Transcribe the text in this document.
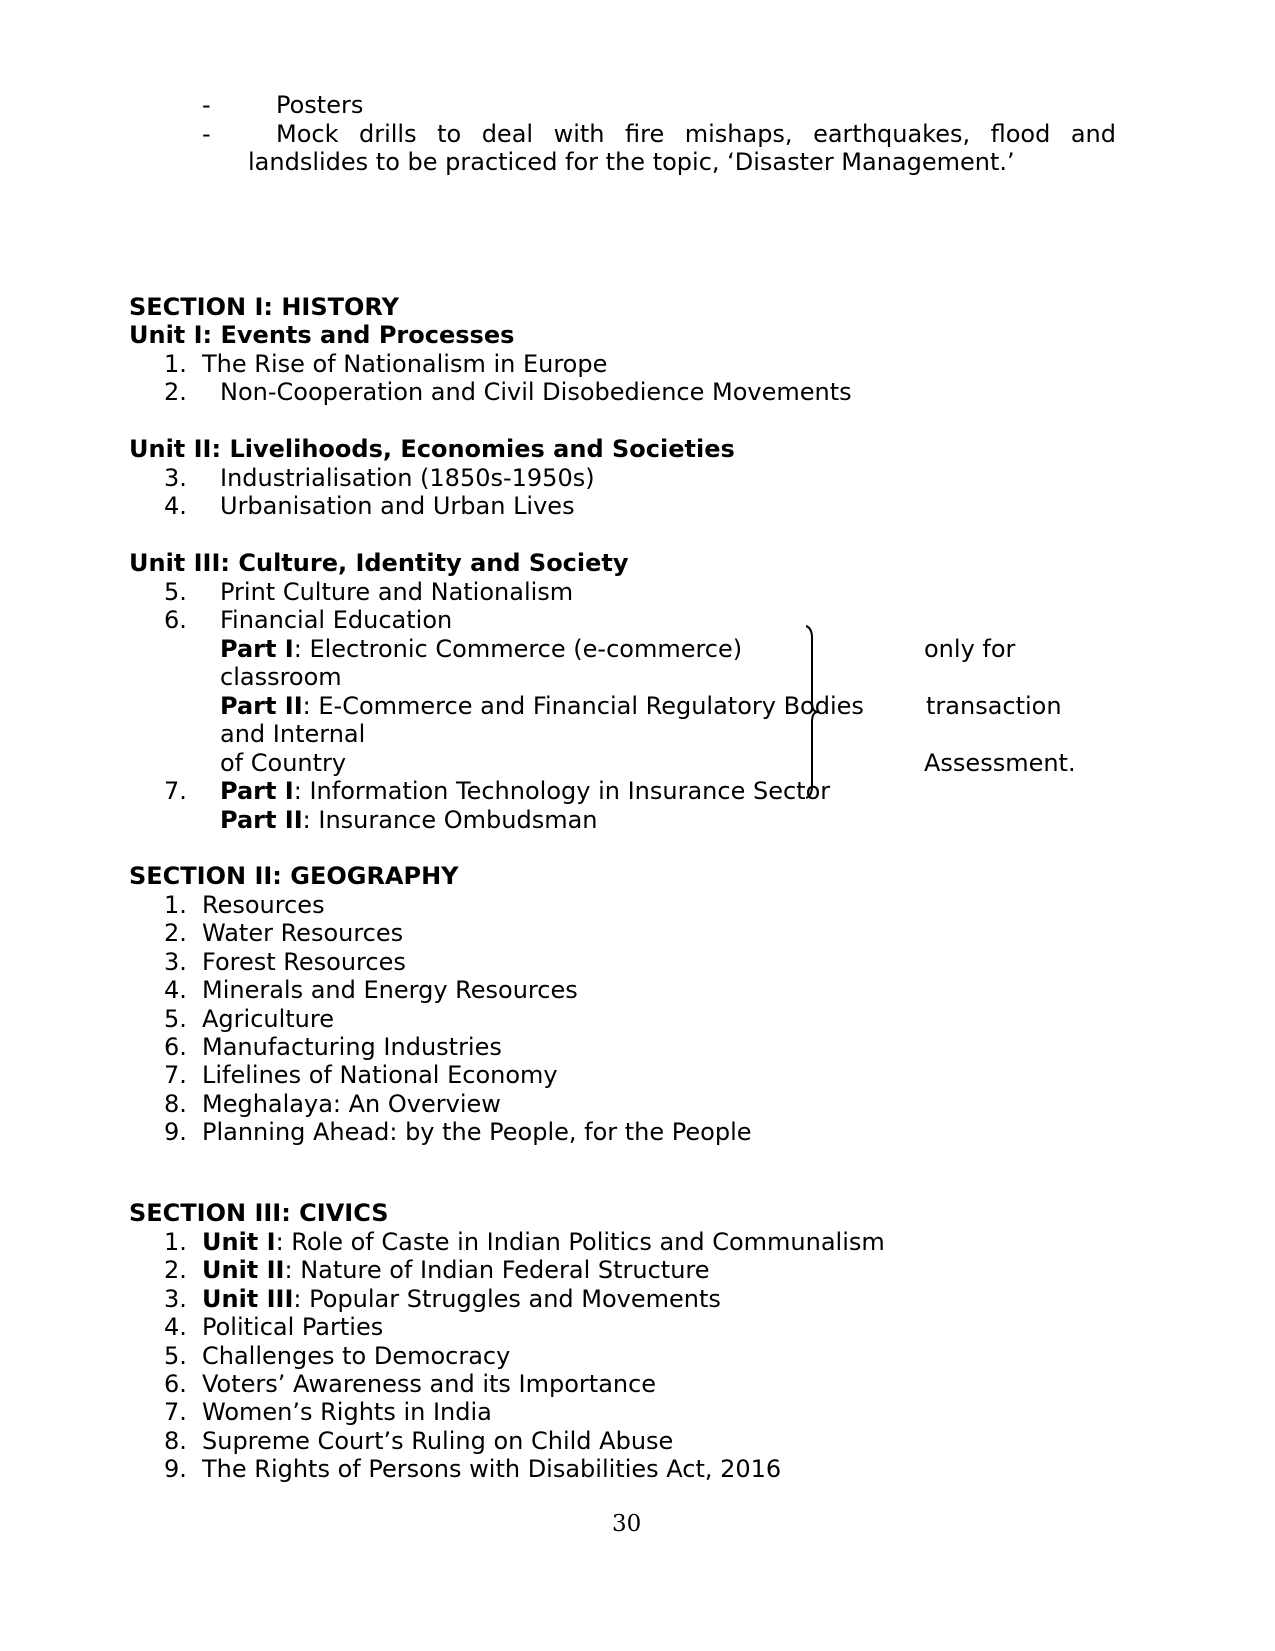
-	Posters
-	Mock drills to deal with fire mishaps, earthquakes, flood and
landslides to be practiced for the topic, ‘Disaster Management.’
SECTION I: HISTORY
Unit I: Events and Processes
1. The Rise of Nationalism in Europe
2. Non-Cooperation and Civil Disobedience Movements
Unit II: Livelihoods, Economies and Societies
3. Industrialisation (1850s-1950s)
4. Urbanisation and Urban Lives
Unit III: Culture, Identity and Society
5. Print Culture and Nationalism
6. Financial Education
Part I: Electronic Commerce (e-commerce)
classroom
Part II: E-Commerce and Financial Regulatory Bodies
and Internal
of Country
only for
transaction
Assessment.
7. Part I: Information Technology in Insurance Sector
Part II: Insurance Ombudsman
SECTION II: GEOGRAPHY
1. Resources
2. Water Resources
3. Forest Resources
4. Minerals and Energy Resources
5. Agriculture
6. Manufacturing Industries
7. Lifelines of National Economy
8. Meghalaya: An Overview
9. Planning Ahead: by the People, for the People
SECTION III: CIVICS
1. Unit I: Role of Caste in Indian Politics and Communalism
2. Unit II: Nature of Indian Federal Structure
3. Unit III: Popular Struggles and Movements
4. Political Parties
5. Challenges to Democracy
6. Voters’ Awareness and its Importance
7. Women’s Rights in India
8. Supreme Court’s Ruling on Child Abuse
9. The Rights of Persons with Disabilities Act, 2016
30
